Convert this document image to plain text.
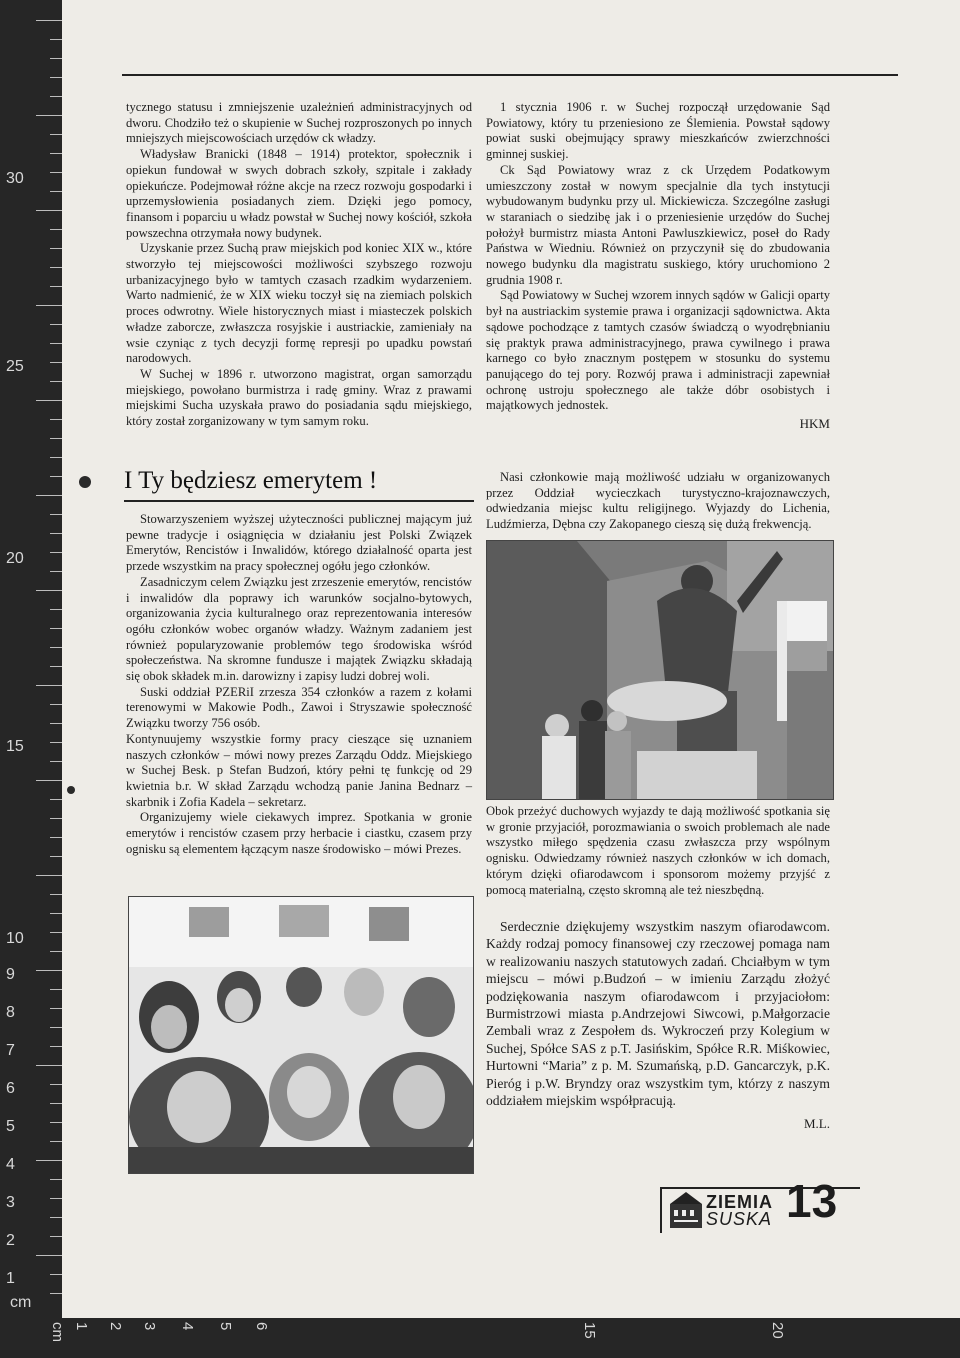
30
25
20
15
10
9
8
7
6
5
4
3
2
1
cm
cm 1 2 3 4 5 6	15	20

tycznego statusu i zmniejszenie uzależnień administracyjnych od dworu. Chodziło też o skupienie w Suchej rozproszonych po innych mniejszych miejscowościach urzędów ck władzy.

Władysław Branicki (1848 – 1914) protektor, społecznik i opiekun fundował w swych dobrach szkoły, szpitale i zakłady opiekuńcze. Podejmował różne akcje na rzecz rozwoju gospodarki i uprzemysłowienia posiadanych ziem. Dzięki jego pomocy, finansom i poparciu u władz powstał w Suchej nowy kościół, szkoła powszechna otrzymała nowy budynek.

Uzyskanie przez Suchą praw miejskich pod koniec XIX w., które stworzyło tej miejscowości możliwości szybszego rozwoju urbanizacyjnego było w tamtych czasach rzadkim wydarzeniem. Warto nadmienić, że w XIX wieku toczył się na ziemiach polskich proces odwrotny. Wiele historycznych miast i miasteczek polskich władze zaborcze, zwłaszcza rosyjskie i austriackie, zamieniały na wsie czyniąc z tych decyzji formę represji po upadku powstań narodowych.

W Suchej w 1896 r. utworzono magistrat, organ samorządu miejskiego, powołano burmistrza i radę gminy. Wraz z prawami miejskimi Sucha uzyskała prawo do posiadania sądu miejskiego, który został zorganizowany w tym samym roku.

1 stycznia 1906 r. w Suchej rozpoczął urzędowanie Sąd Powiatowy, który tu przeniesiono ze Ślemienia. Powstał sądowy powiat suski obejmujący sprawy mieszkańców zwierzchności gminnej suskiej.

Ck Sąd Powiatowy wraz z ck Urzędem Podatkowym umieszczony został w nowym specjalnie dla tych instytucji wybudowanym budynku przy ul. Mickiewicza. Szczególne zasługi w staraniach o siedzibę jak i o przeniesienie urzędów do Suchej położył burmistrz miasta Antoni Pawluszkiewicz, poseł do Rady Państwa w Wiedniu. Również on przyczynił się do zbudowania nowego budynku dla magistratu suskiego, który uruchomiono 2 grudnia 1908 r.

Sąd Powiatowy w Suchej wzorem innych sądów w Galicji oparty był na austriackim systemie prawa i organizacji sądownictwa. Akta sądowe pochodzące z tamtych czasów świadczą o wyodrębnianiu się praktyk prawa administracyjnego, prawa cywilnego i prawa karnego co było znacznym postępem w stosunku do systemu panującego do tej pory. Rozwój prawa i administracji zapewniał ochronę ustroju społecznego ale także dóbr osobistych i majątkowych jednostek.

HKM
I Ty będziesz emerytem !

Stowarzyszeniem wyższej użyteczności publicznej mającym już pewne tradycje i osiągnięcia w działaniu jest Polski Związek Emerytów, Rencistów i Inwalidów, którego działalność oparta jest przede wszystkim na pracy społecznej ogółu jego członków.

Zasadniczym celem Związku jest zrzeszenie emerytów, rencistów i inwalidów dla poprawy ich warunków socjalno-bytowych, organizowania życia kulturalnego oraz reprezentowania interesów ogółu członków wobec organów władzy. Ważnym zadaniem jest również popularyzowanie problemów tego środowiska wśród społeczeństwa. Na skromne fundusze i majątek Związku składają się obok składek m.in. darowizny i zapisy ludzi dobrej woli.

Suski oddział PZERiI zrzesza 354 członków a razem z kołami terenowymi w Makowie Podh., Zawoi i Stryszawie społeczność Związku tworzy 756 osób.

Kontynuujemy wszystkie formy pracy cieszące się uznaniem naszych członków – mówi nowy prezes Zarządu Oddz. Miejskiego w Suchej Besk. p Stefan Budzoń, który pełni tę funkcję od 29 kwietnia b.r. W skład Zarządu wchodzą panie Janina Bednarz – skarbnik i Zofia Kadela – sekretarz.

Organizujemy wiele ciekawych imprez. Spotkania w gronie emerytów i rencistów czasem przy herbacie i ciastku, czasem przy ognisku są elementem łączącym nasze środowisko – mówi Prezes.

Nasi członkowie mają możliwość udziału w organizowanych przez Oddział wycieczkach turystyczno-krajoznawczych, odwiedzania miejsc kultu religijnego. Wyjazdy do Lichenia, Ludźmierza, Dębna czy Zakopanego cieszą się dużą frekwencją.

Obok przeżyć duchowych wyjazdy te dają możliwość spotkania się w gronie przyjaciół, porozmawiania o swoich problemach ale nade wszystko miłego spędzenia czasu zwłaszcza przy wspólnym ognisku. Odwiedzamy również naszych członków w ich domach, którym dzięki ofiarodawcom i sponsorom możemy przyjść z pomocą materialną, często skromną ale też nieszbędną.

Serdecznie dziękujemy wszystkim naszym ofiarodawcom. Każdy rodzaj pomocy finansowej czy rzeczowej pomaga nam w realizowaniu naszych statutowych zadań. Chciałbym w tym miejscu – mówi p.Budzoń – w imieniu Zarządu złożyć podziękowania naszym ofiarodawcom i przyjaciołom: Burmistrzowi miasta p.Andrzejowi Siwcowi, p.Małgorzacie Zembali wraz z Zespołem ds. Wykroczeń przy Kolegium w Suchej, Spółce SAS z p.T. Jasińskim, Spółce R.R. Miśkowiec, Hurtowni “Maria” z p. M. Szumańską, p.D. Gancarczyk, p.K. Pieróg i p.W. Bryndzy oraz wszystkim tym, którzy z naszym oddziałem miejskim współpracują.

M.L.
ZIEMIA
SUSKA 13
